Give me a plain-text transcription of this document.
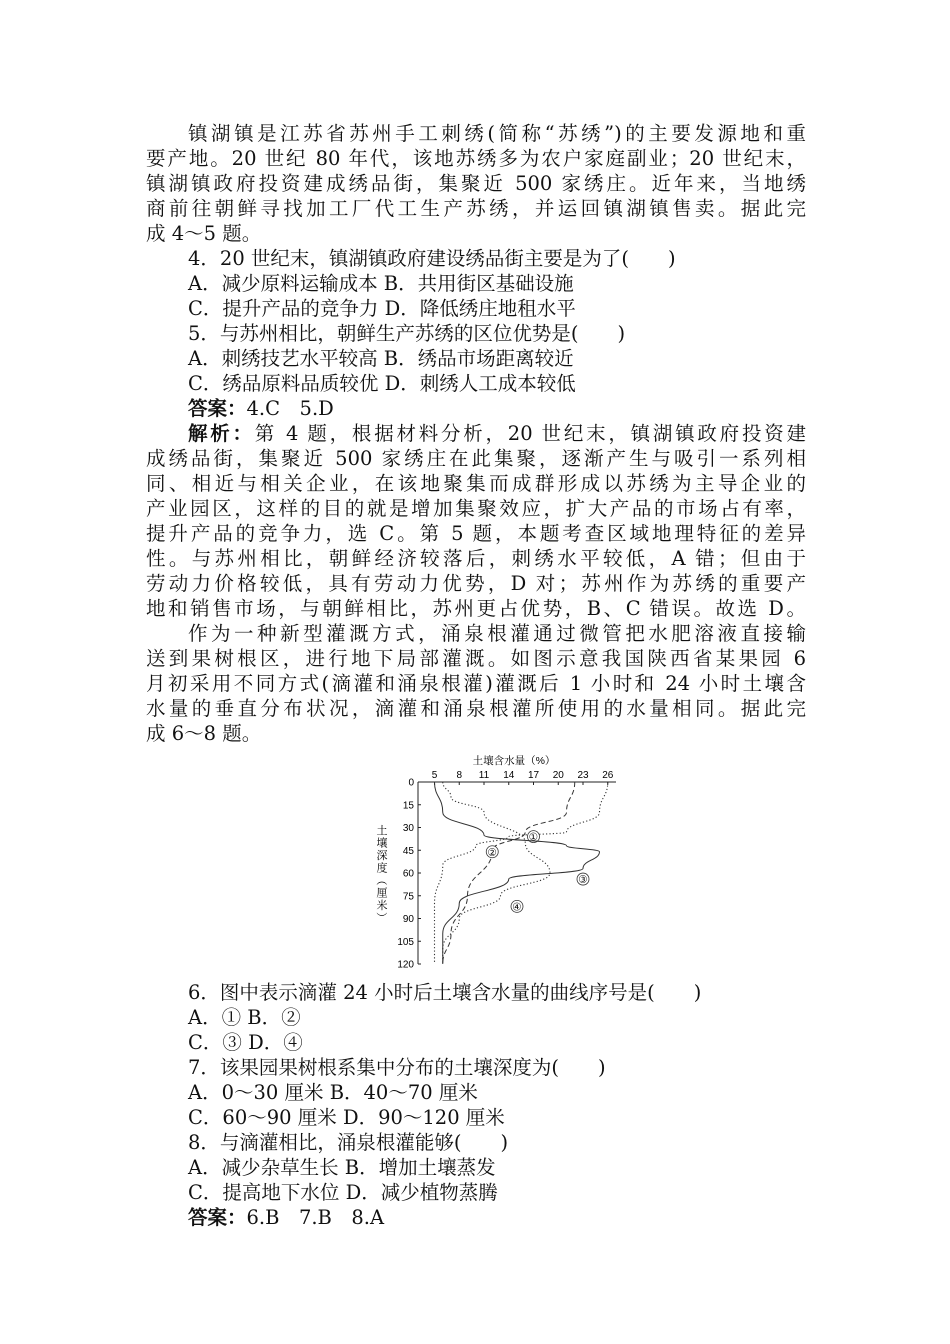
镇湖镇是江苏省苏州手工刺绣(简称“苏绣”)的主要发源地和重
要产地。20 世纪 80 年代，该地苏绣多为农户家庭副业；20 世纪末，
镇湖镇政府投资建成绣品街，集聚近 500 家绣庄。近年来，当地绣
商前往朝鲜寻找加工厂代工生产苏绣，并运回镇湖镇售卖。据此完
成 4～5 题。
4．20 世纪末，镇湖镇政府建设绣品街主要是为了(　　)
A．减少原料运输成本 B．共用街区基础设施
C．提升产品的竞争力 D．降低绣庄地租水平
5．与苏州相比，朝鲜生产苏绣的区位优势是(　　)
A．刺绣技艺水平较高 B．绣品市场距离较近
C．绣品原料品质较优 D．刺绣人工成本较低
答案：4.C　5.D
解析：第 4 题，根据材料分析，20 世纪末，镇湖镇政府投资建
成绣品街，集聚近 500 家绣庄在此集聚，逐渐产生与吸引一系列相
同、相近与相关企业，在该地聚集而成群形成以苏绣为主导企业的
产业园区，这样的目的就是增加集聚效应，扩大产品的市场占有率，
提升产品的竞争力，选 C。第 5 题，本题考查区域地理特征的差异
性。与苏州相比，朝鲜经济较落后，刺绣水平较低，A 错；但由于
劳动力价格较低，具有劳动力优势，D 对；苏州作为苏绣的重要产
地和销售市场，与朝鲜相比，苏州更占优势，B、C 错误。故选 D。
作为一种新型灌溉方式，涌泉根灌通过微管把水肥溶液直接输
送到果树根区，进行地下局部灌溉。如图示意我国陕西省某果园 6
月初采用不同方式(滴灌和涌泉根灌)灌溉后 1 小时和 24 小时土壤含
水量的垂直分布状况，滴灌和涌泉根灌所使用的水量相同。据此完
成 6～8 题。
土壤含水量（%）
土
壤
深
度
（
厘
米
）
5 8 11 14 17 20 23 26
0
15
30
45
60
75
90
105
120
①
②
③
④
6．图中表示滴灌 24 小时后土壤含水量的曲线序号是(　　)
A．① B．②
C．③ D．④
7．该果园果树根系集中分布的土壤深度为(　　)
A．0～30 厘米 B．40～70 厘米
C．60～90 厘米 D．90～120 厘米
8．与滴灌相比，涌泉根灌能够(　　)
A．减少杂草生长 B．增加土壤蒸发
C．提高地下水位 D．减少植物蒸腾
答案：6.B　7.B　8.A
